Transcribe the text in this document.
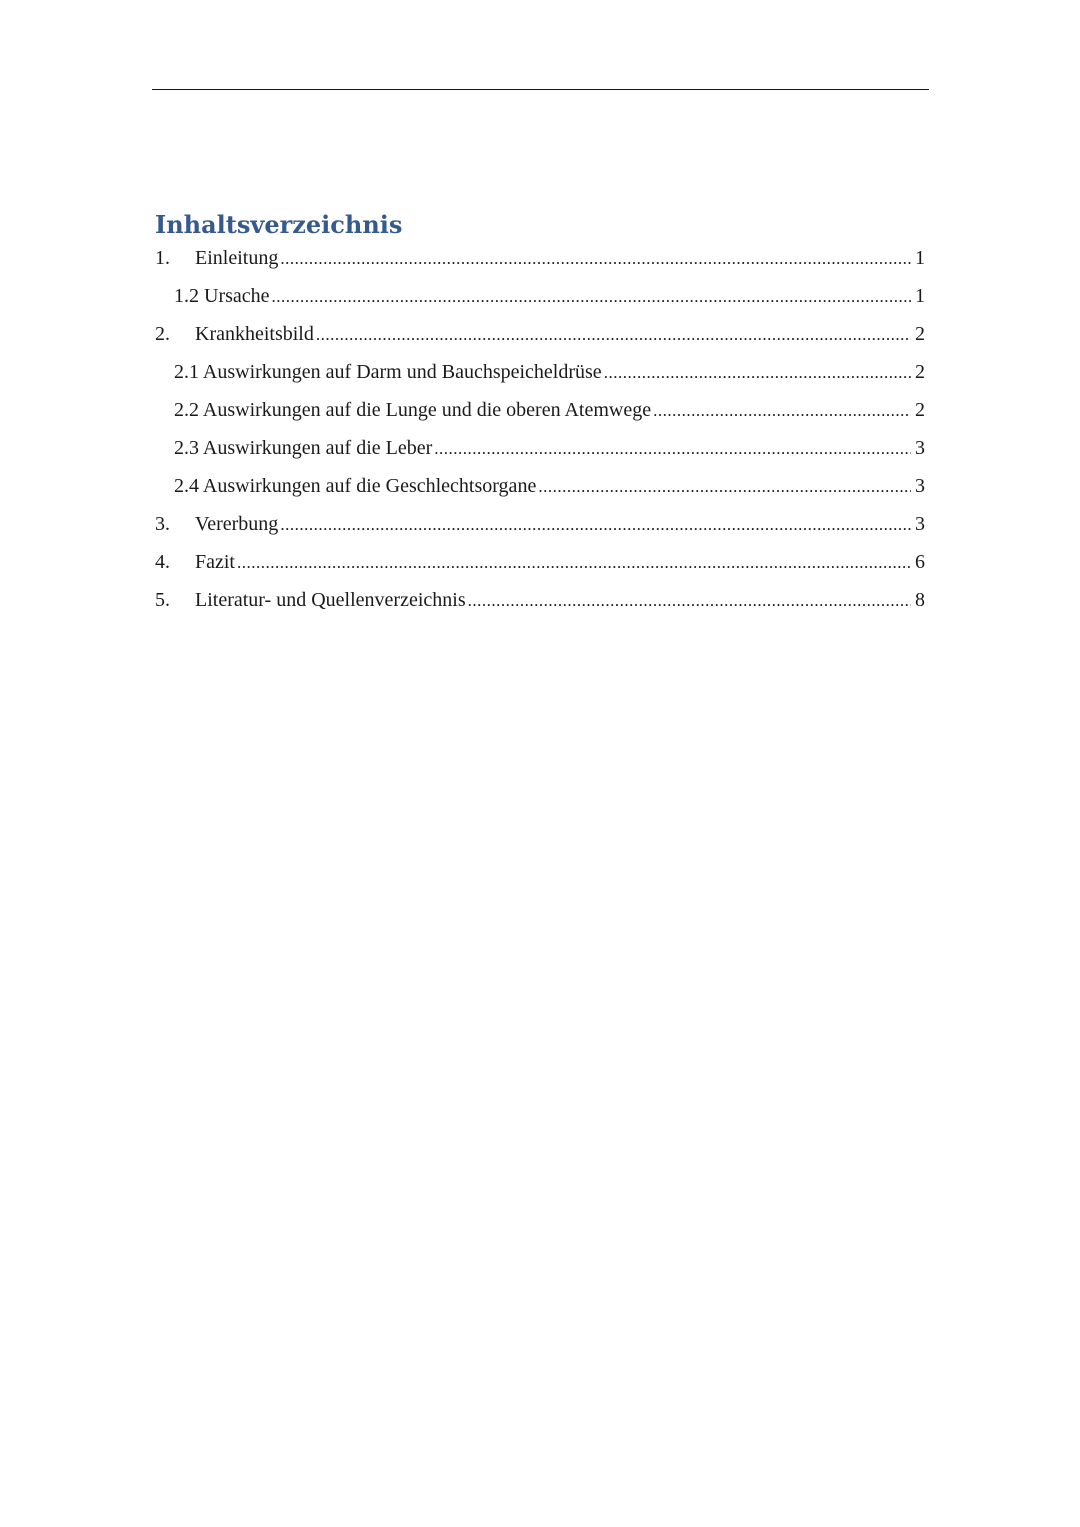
Inhaltsverzeichnis
1.	Einleitung .....	1
1.2 Ursache .....	1
2.	Krankheitsbild .....	2
2.1 Auswirkungen auf Darm und Bauchspeicheldrüse .....	2
2.2 Auswirkungen auf die Lunge und die oberen Atemwege .....	2
2.3 Auswirkungen auf die Leber .....	3
2.4 Auswirkungen auf die Geschlechtsorgane .....	3
3.	Vererbung .....	3
4.	Fazit .....	6
5.	Literatur- und Quellenverzeichnis .....	8
